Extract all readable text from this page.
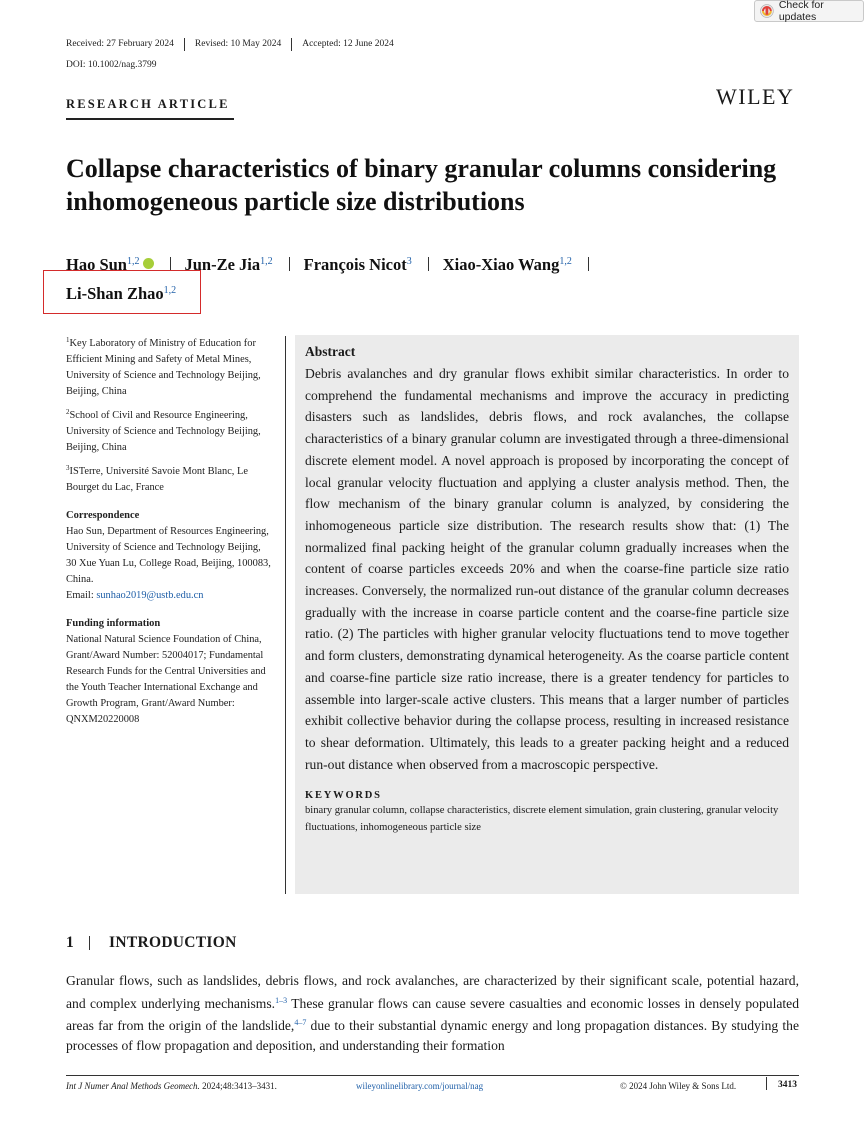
Check for updates
Received: 27 February 2024	Revised: 10 May 2024	Accepted: 12 June 2024
DOI: 10.1002/nag.3799
RESEARCH ARTICLE	WILEY
Collapse characteristics of binary granular columns considering inhomogeneous particle size distributions
Hao Sun$^{1,2}$	Jun-Ze Jia$^{1,2}$ François Nicot$^3$ Xiao-Xiao Wang$^{1,2}$
Li-Shan Zhao$^{1,2}$

$^1$Key Laboratory of Ministry of Education for Efficient Mining and Safety of Metal Mines, University of Science and Technology Beijing, Beijing, China

$^2$School of Civil and Resource Engineering, University of Science and Technology Beijing, Beijing, China

$^3$ISTerre, Université Savoie Mont Blanc, Le Bourget du Lac, France

Correspondence

Hao Sun, Department of Resources Engineering, University of Science and Technology Beijing, 30 Xue Yuan Lu, College Road, Beijing, 100083, China.
Email: sunhao2019@ustb.edu.cn

Funding information

National Natural Science Foundation of China, Grant/Award Number: 52004017; Fundamental Research Funds for the Central Universities and the Youth Teacher International Exchange and Growth Program, Grant/Award Number: QNXM20220008

Abstract

Debris avalanches and dry granular flows exhibit similar characteristics. In order to comprehend the fundamental mechanisms and improve the accuracy in predicting disasters such as landslides, debris flows, and rock avalanches, the collapse characteristics of a binary granular column are investigated through a three-dimensional discrete element model. A novel approach is proposed by incorporating the concept of local granular velocity fluctuation and applying a cluster analysis method. Then, the flow mechanism of the binary granular column is analyzed, by considering the inhomogeneous particle size distribution. The research results show that: (1) The normalized final packing height of the granular column gradually increases when the content of coarse particles exceeds 20% and when the coarse-fine particle size ratio increases. Conversely, the normalized run-out distance of the granular column decreases gradually with the increase in coarse particle content and the coarse-fine particle size ratio. (2) The particles with higher granular velocity fluctuations tend to move together and form clusters, demonstrating dynamical heterogeneity. As the coarse particle content and coarse-fine particle size ratio increase, there is a greater tendency for particles to assemble into larger-scale active clusters. This means that a larger number of particles exhibit collective behavior during the collapse process, resulting in increased resistance to shear deformation. Ultimately, this leads to a greater packing height and a reduced run-out distance when observed from a macroscopic perspective.

KEYWORDS
binary granular column, collapse characteristics, discrete element simulation, grain clustering, granular velocity fluctuations, inhomogeneous particle size
1 INTRODUCTION
Granular flows, such as landslides, debris flows, and rock avalanches, are characterized by their significant scale, potential hazard, and complex underlying mechanisms.$^{1-3}$ These granular flows can cause severe casualties and economic losses in densely populated areas far from the origin of the landslide,$^{4-7}$ due to their substantial dynamic energy and long propagation distances. By studying the processes of flow propagation and deposition, and understanding their formation
Int J Numer Anal Methods Geomech. 2024;48:3413–3431.	wileyonlinelibrary.com/journal/nag	© 2024 John Wiley & Sons Ltd.	3413
